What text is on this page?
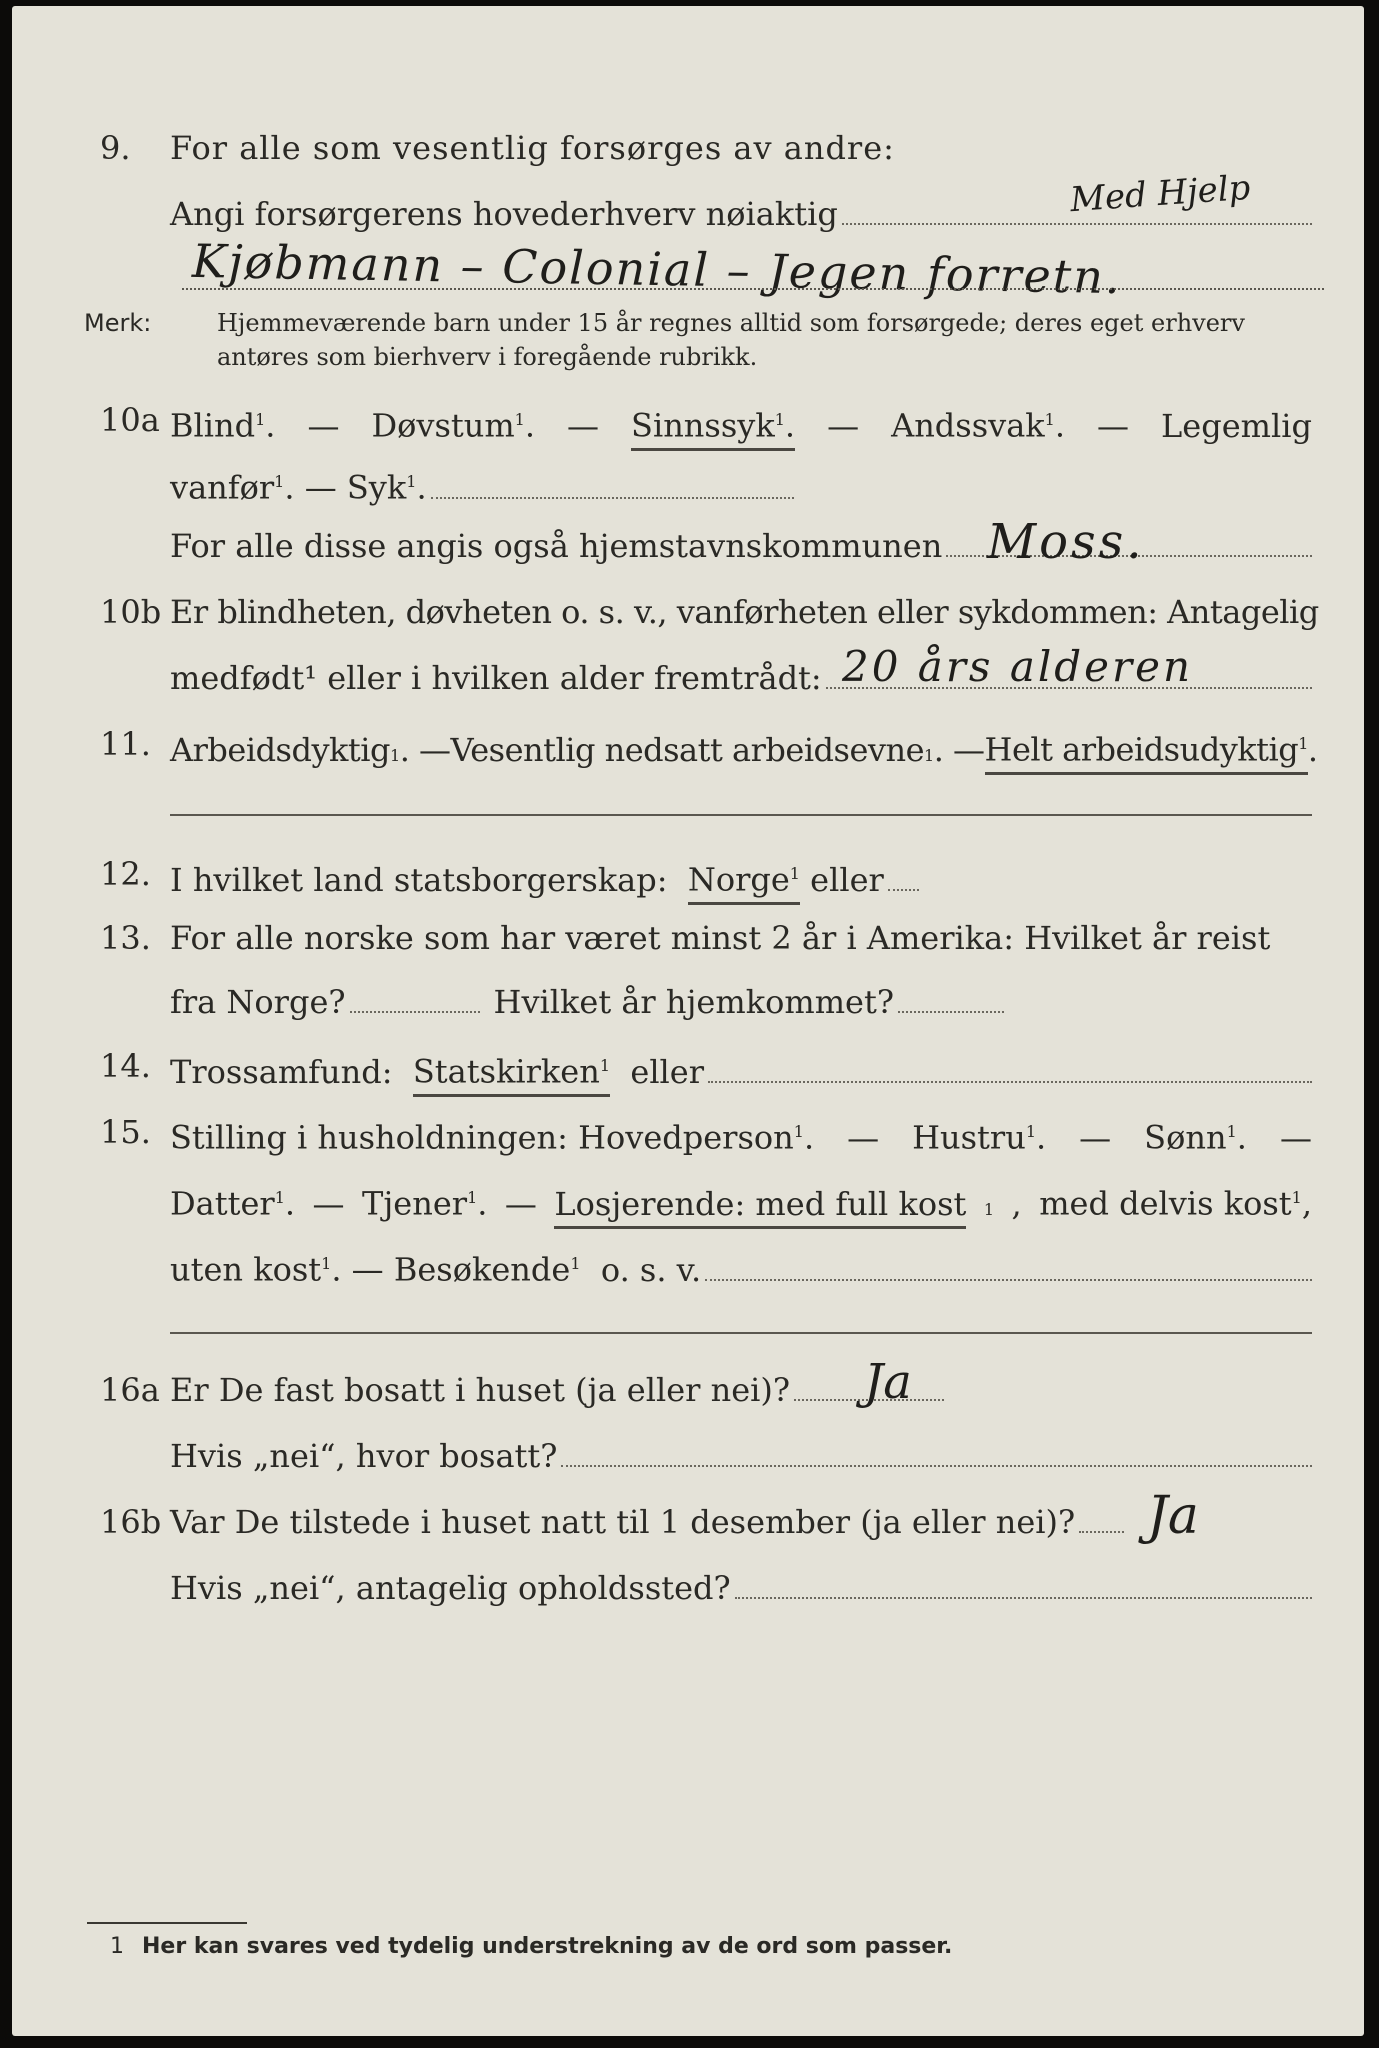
9.	For alle som vesentlig forsørges av andre:
Angi forsørgerens hovederhverv nøiaktig	Med Hjelp
Kjøbmann – Colonial – Jegen forretn.
Merk:	Hjemmeværende barn under 15 år regnes alltid som forsørgede; deres eget erhverv
antøres som bierhverv i foregående rubrikk.
10a Blind$^1$. — Døvstum$^1$. — Sinnssyk$^1$. — Andssvak$^1$. — Legemlig
vanfør$^1$. — Syk$^1$.
For alle disse angis også hjemstavnskommunen Moss.
10b Er blindheten, døvheten o. s. v., vanførheten eller sykdommen: Antagelig
medfødt¹ eller i hvilken alder fremtrådt: 20 års alderen
11. Arbeidsdyktig 1 . — Vesentlig nedsatt arbeidsevne 1 . — Helt arbeidsudyktig$^1$ .
12. I hvilket land statsborgerskap:
Norge$^1$
eller
13. For alle norske som har været minst 2 år i Amerika: Hvilket år reist
fra Norge?	Hvilket år hjemkommet?
14. Trossamfund:
Statskirken$^1$
eller
15. Stilling i husholdningen: Hovedperson$^1$. — Hustru$^1$. — Sønn$^1$. —
Datter$^1$. — Tjener$^1$. — Losjerende: med full kost 1 , med delvis kost$^1$,
uten kost$^1$. — Besøkende$^1$ o. s. v.
16a Er De fast bosatt i huset (ja eller nei)? Ja
Hvis „nei“, hvor bosatt?
16b Var De tilstede i huset natt til 1 desember (ja eller nei)? Ja
Hvis „nei“, antagelig opholdssted?
1 Her kan svares ved tydelig understrekning av de ord som passer.
